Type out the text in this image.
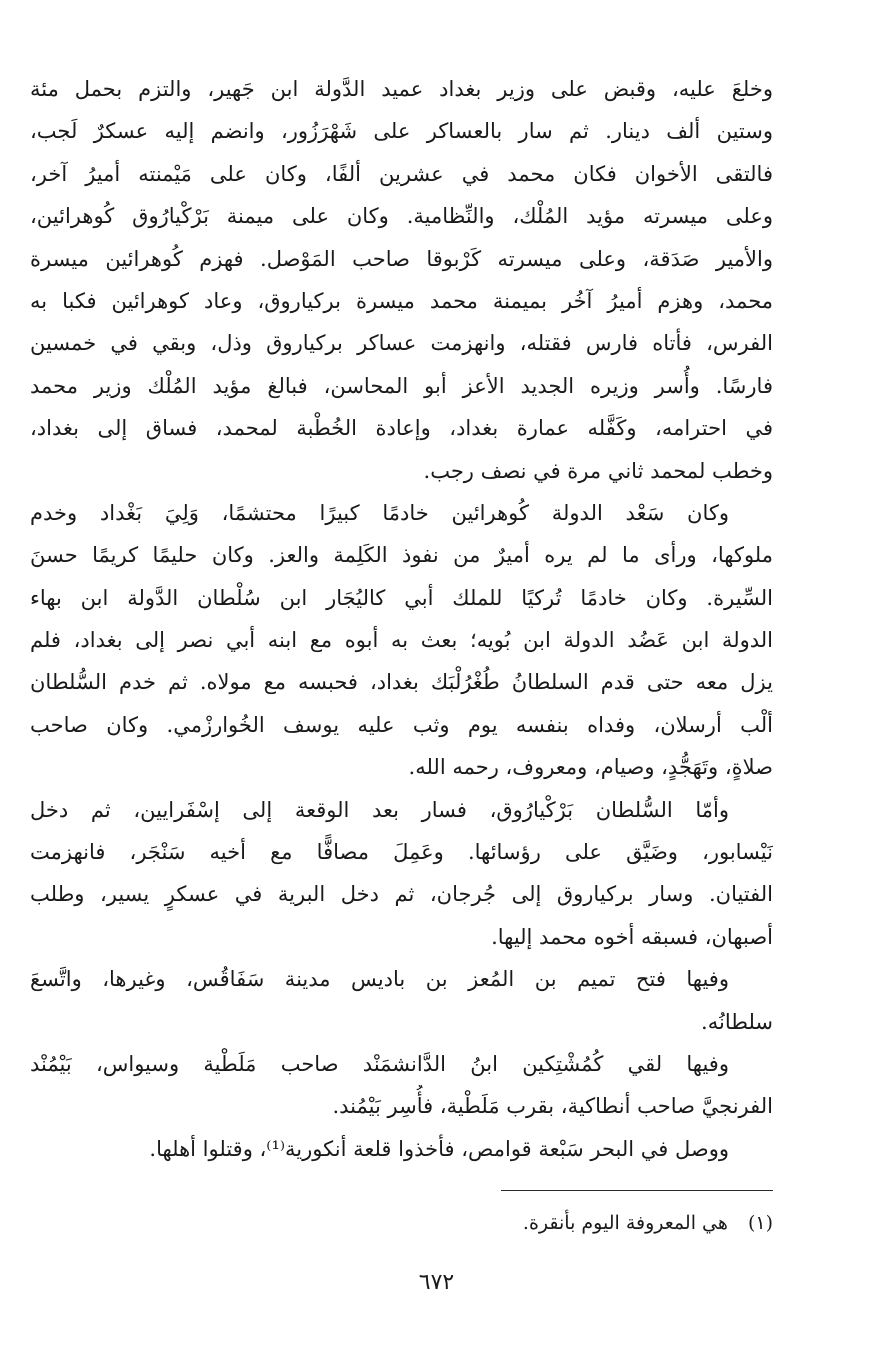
وخلعَ عليه، وقبض على وزير بغداد عميد الدَّولة ابن جَهير، والتزم بحمل مئة
وستين ألف دينار. ثم سار بالعساكر على شَهْرَزُور، وانضم إليه عسكرٌ لَجب،
فالتقى الأخوان فكان محمد في عشرين ألفًا، وكان على مَيْمنته أميرُ آخر،
وعلى ميسرته مؤيد المُلْك، والنِّظامية. وكان على ميمنة بَرْكْيارُوق كُوهرائين،
والأمير صَدَقة، وعلى ميسرته كَرْبوقا صاحب المَوْصل. فهزم كُوهرائين ميسرة
محمد، وهزم أميرُ آخُر بميمنة محمد ميسرة بركياروق، وعاد كوهرائين فكبا به
الفرس، فأتاه فارس فقتله، وانهزمت عساكر بركياروق وذل، وبقي في خمسين
فارسًا. وأُسر وزيره الجديد الأعز أبو المحاسن، فبالغ مؤيد المُلْك وزير محمد
في احترامه، وكَفَّله عمارة بغداد، وإعادة الخُطْبة لمحمد، فساق إلى بغداد،
وخطب لمحمد ثاني مرة في نصف رجب.
وكان سَعْد الدولة كُوهرائين خادمًا كبيرًا محتشمًا، وَلِيَ بَغْداد وخدم
ملوكها، ورأى ما لم يره أميرٌ من نفوذ الكَلِمة والعز. وكان حليمًا كريمًا حسنَ
السِّيرة. وكان خادمًا تُركيًا للملك أبي كاليُجَار ابن سُلْطان الدَّولة ابن بهاء
الدولة ابن عَضُد الدولة ابن بُويه؛ بعث به أبوه مع ابنه أبي نصر إلى بغداد، فلم
يزل معه حتى قدم السلطانُ طُغْرُلْبَك بغداد، فحبسه مع مولاه. ثم خدم السُّلطان
ألْب أرسلان، وفداه بنفسه يوم وثب عليه يوسف الخُوارزْمي. وكان صاحب
صلاةٍ، وتَهَجُّدٍ، وصيام، ومعروف، رحمه الله.
وأمّا السُّلطان بَرْكْيارُوق، فسار بعد الوقعة إلى إسْفَرايين، ثم دخل
نَيْسابور، وضَيَّق على رؤسائها. وعَمِلَ مصافًّا مع أخيه سَنْجَر، فانهزمت
الفتيان. وسار بركياروق إلى جُرجان، ثم دخل البرية في عسكرٍ يسير، وطلب
أصبهان، فسبقه أخوه محمد إليها.
وفيها فتح تميم بن المُعز بن باديس مدينة سَفَاقُس، وغيرها، واتَّسعَ
سلطانُه.
وفيها لقي كُمُشْتِكين ابنُ الدَّانشمَنْد صاحب مَلَطْية وسيواس، بَيْمُنْد
الفرنجيَّ صاحب أنطاكية، بقرب مَلَطْية، فأُسِر بَيْمُند.
ووصل في البحر سَبْعة قوامص، فأخذوا قلعة أنكورية⁽¹⁾، وقتلوا أهلها.
(١) هي المعروفة اليوم بأنقرة.
٦٧٢
